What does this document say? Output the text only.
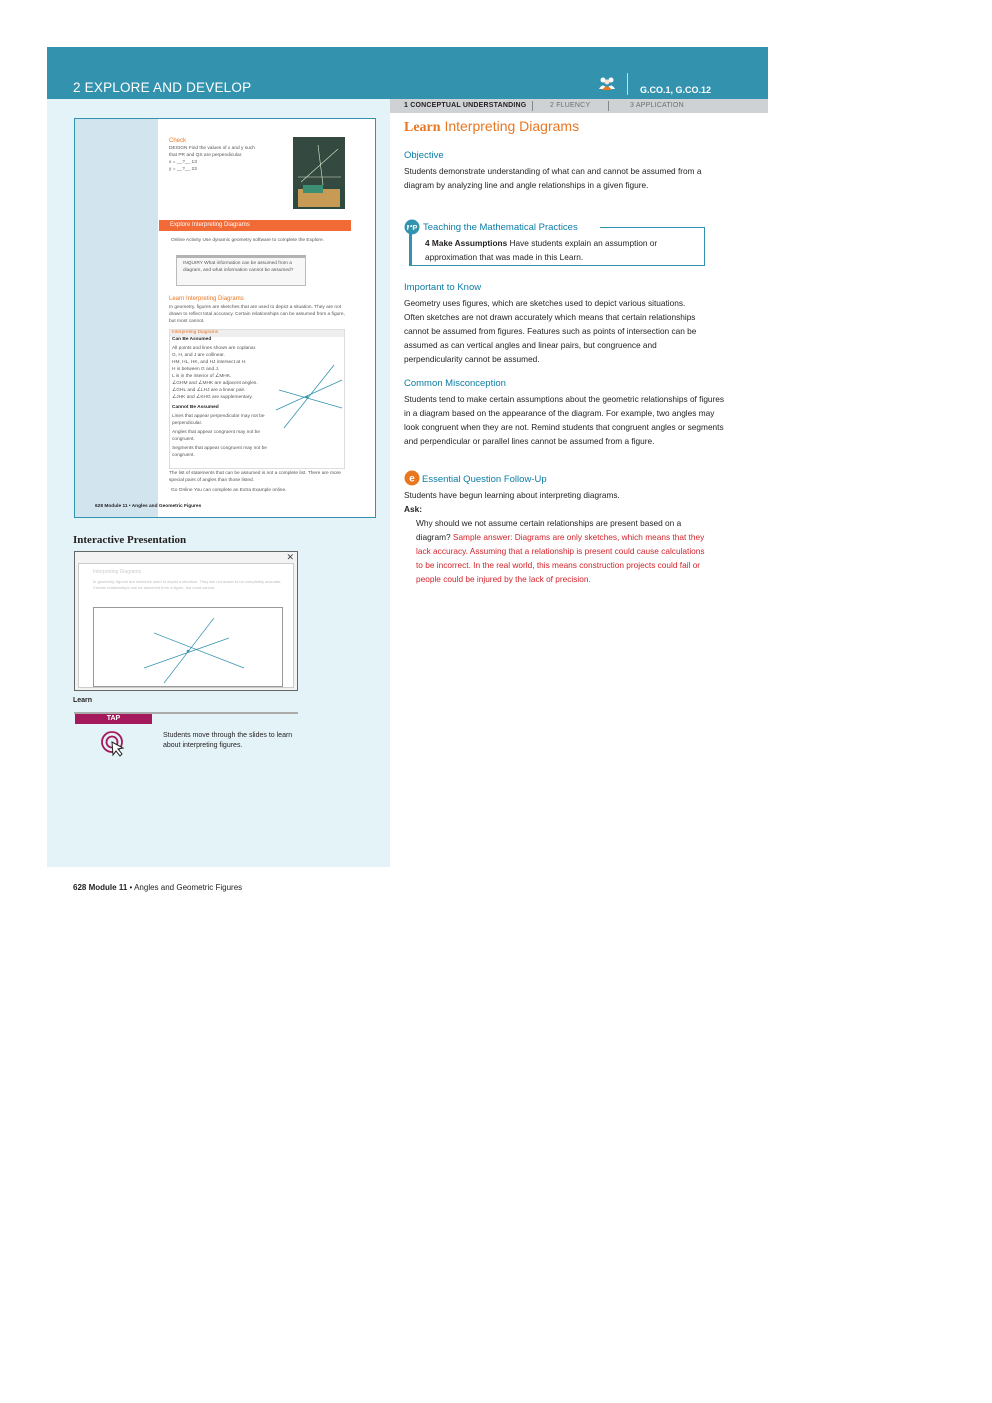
2 EXPLORE AND DEVELOP	G.CO.1, G.CO.12
1 CONCEPTUAL UNDERSTANDING	2 FLUENCY	3 APPLICATION
Check
DESIGN Find the values of x and y such
that PR and QS are perpendicular.
x = __?__ 13
y = __?__ 23
Explore Interpreting Diagrams
Online Activity Use dynamic geometry software to complete the Explore.
INQUIRY What information can be assumed from a diagram, and what information cannot be assumed?
Learn Interpreting Diagrams
In geometry, figures are sketches that are used to depict a situation. They are not drawn to reflect total accuracy. Certain relationships can be assumed from a figure, but most cannot.
Interpreting Diagrams
Can Be Assumed
All points and lines shown are coplanar.
G, H, and J are collinear.
HM, HL, HK, and HJ intersect at H.
H is between G and J.
L is in the interior of ∠MHK.
∠GHM and ∠MHK are adjacent angles.
∠GHL and ∠LHJ are a linear pair.
∠JHK and ∠KHG are supplementary.
Cannot Be Assumed
Lines that appear perpendicular may not be perpendicular.
Angles that appear congruent may not be congruent.
Segments that appear congruent may not be congruent.
The list of statements that can be assumed is not a complete list. There are more special pairs of angles than those listed.
Go Online You can complete an Extra Example online.
628 Module 11 • Angles and Geometric Figures
Interactive Presentation
✕
Interpreting Diagrams
In geometry, figures are sketches used to depict a situation. They are not drawn to be completely accurate. Certain relationships can be assumed from a figure, but most cannot.
Learn
TAP
Students move through the slides to learn about interpreting figures.
628 Module 11 • Angles and Geometric Figures
Learn Interpreting Diagrams
Objective
Students demonstrate understanding of what can and cannot be assumed from a diagram by analyzing line and angle relationships in a given figure.
MP Teaching the Mathematical Practices
4 Make Assumptions Have students explain an assumption or approximation that was made in this Learn.
Important to Know
Geometry uses figures, which are sketches used to depict various situations. Often sketches are not drawn accurately which means that certain relationships cannot be assumed from figures. Features such as points of intersection can be assumed as can vertical angles and linear pairs, but congruence and perpendicularity cannot be assumed.
Common Misconception
Students tend to make certain assumptions about the geometric relationships of figures in a diagram based on the appearance of the diagram. For example, two angles may look congruent when they are not. Remind students that congruent angles or segments and perpendicular or parallel lines cannot be assumed from a figure.
e Essential Question Follow-Up
Students have begun learning about interpreting diagrams.
Ask:
Why should we not assume certain relationships are present based on a diagram? Sample answer: Diagrams are only sketches, which means that they lack accuracy. Assuming that a relationship is present could cause calculations to be incorrect. In the real world, this means construction projects could fail or people could be injured by the lack of precision.
